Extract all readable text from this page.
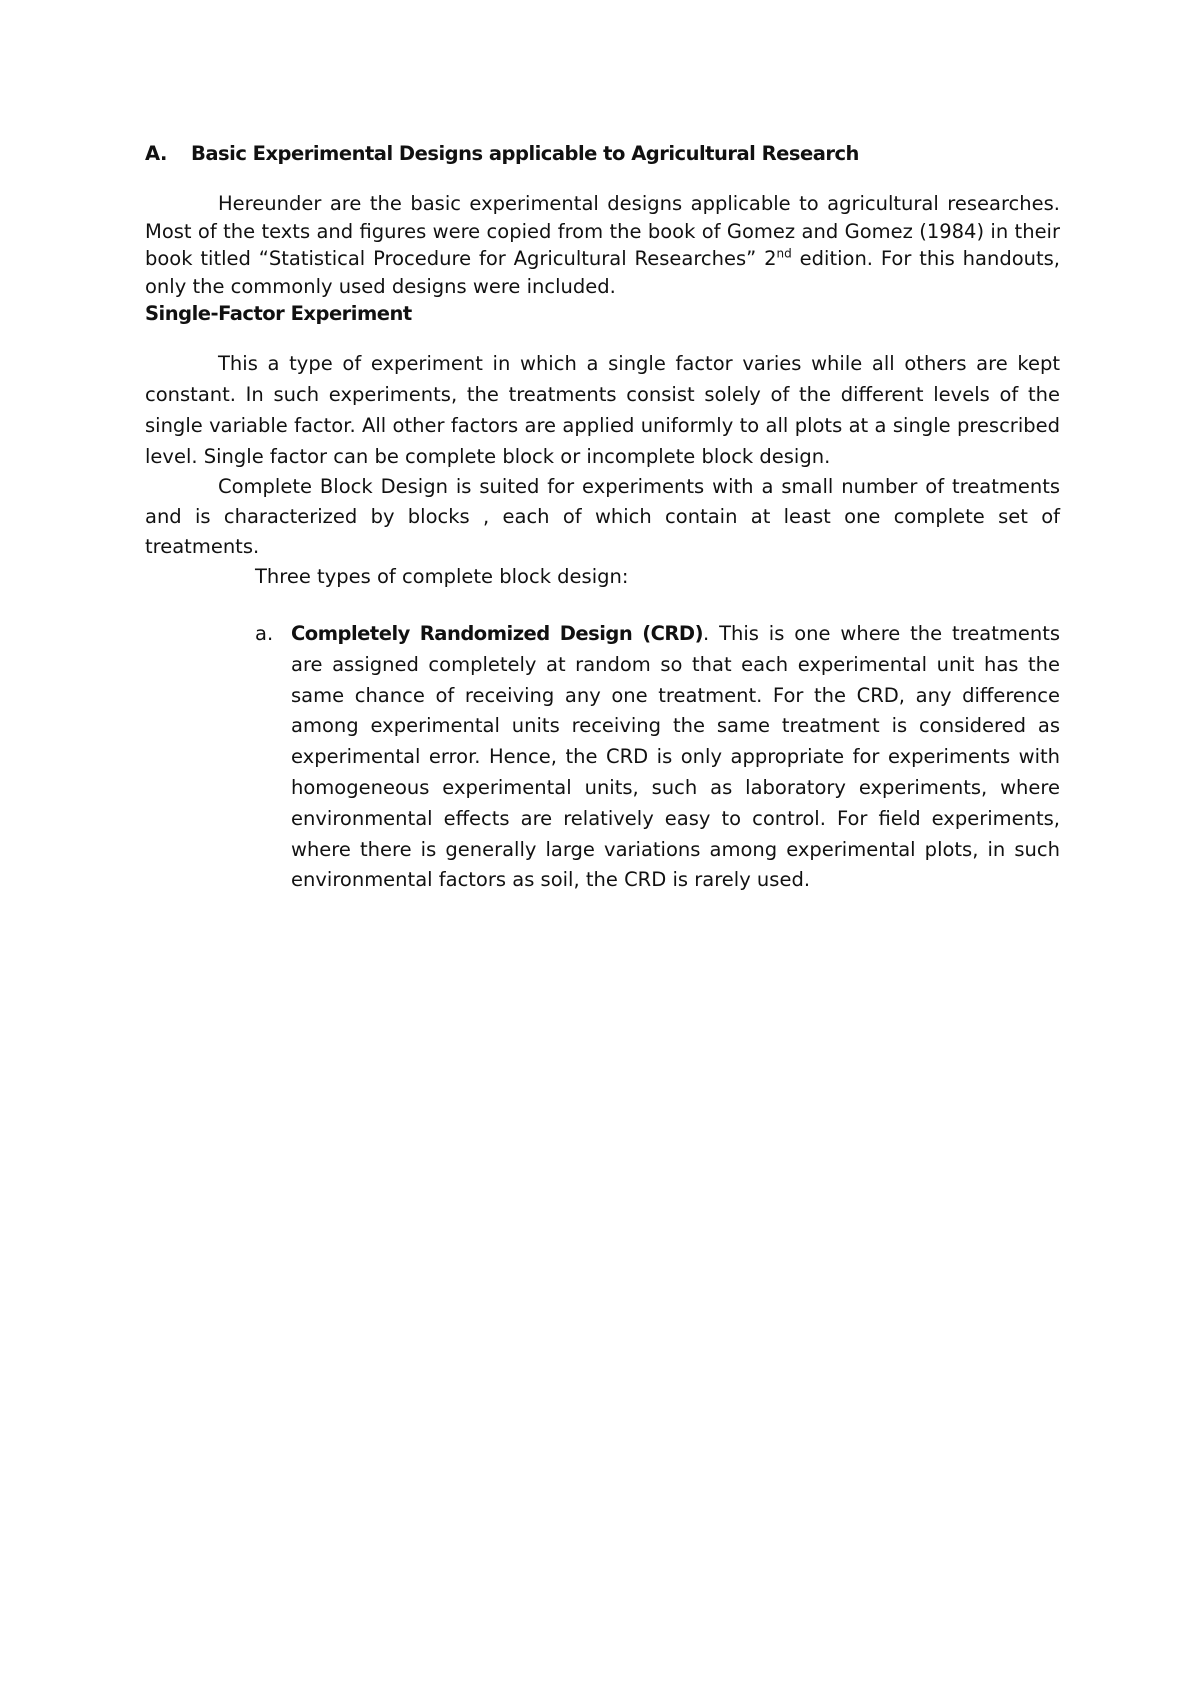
A. Basic Experimental Designs applicable to Agricultural Research

Hereunder are the basic experimental designs applicable to agricultural researches. Most of the texts and figures were copied from the book of Gomez and Gomez (1984) in their book titled “Statistical Procedure for Agricultural Researches” 2nd edition. For this handouts, only the commonly used designs were included.

Single-Factor Experiment

This a type of experiment in which a single factor varies while all others are kept constant. In such experiments, the treatments consist solely of the different levels of the single variable factor. All other factors are applied uniformly to all plots at a single prescribed level. Single factor can be complete block or incomplete block design.

Complete Block Design is suited for experiments with a small number of treatments and is characterized by blocks , each of which contain at least one complete set of treatments.

Three types of complete block design:
a. Completely Randomized Design (CRD). This is one where the treatments are assigned completely at random so that each experimental unit has the same chance of receiving any one treatment. For the CRD, any difference among experimental units receiving the same treatment is considered as experimental error. Hence, the CRD is only appropriate for experiments with homogeneous experimental units, such as laboratory experiments, where environmental effects are relatively easy to control. For field experiments, where there is generally large variations among experimental plots, in such environmental factors as soil, the CRD is rarely used.
